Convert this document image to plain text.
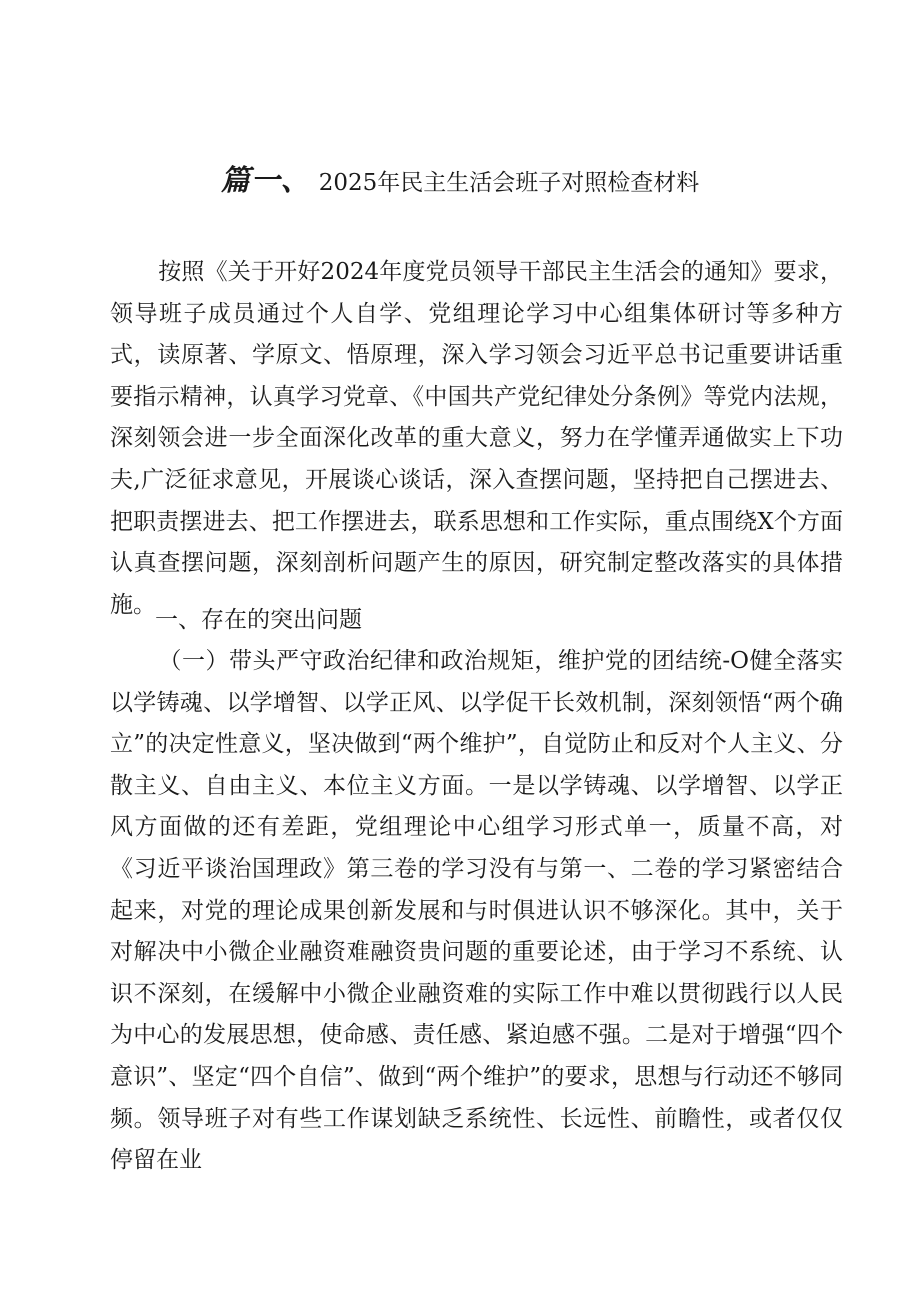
篇一、 2025年民主生活会班子对照检查材料
按照《关于开好2024年度党员领导干部民主生活会的通知》要求，领导班子成员通过个人自学、党组理论学习中心组集体研讨等多种方式，读原著、学原文、悟原理，深入学习领会习近平总书记重要讲话重要指示精神，认真学习党章、《中国共产党纪律处分条例》等党内法规，深刻领会进一步全面深化改革的重大意义，努力在学懂弄通做实上下功夫,广泛征求意见，开展谈心谈话，深入查摆问题，坚持把自己摆进去、把职责摆进去、把工作摆进去，联系思想和工作实际，重点围绕X个方面认真查摆问题，深刻剖析问题产生的原因，研究制定整改落实的具体措施。
一、存在的突出问题
（一）带头严守政治纪律和政治规矩，维护党的团结统-O健全落实以学铸魂、以学增智、以学正风、以学促干长效机制，深刻领悟“两个确立”的决定性意义，坚决做到“两个维护”，自觉防止和反对个人主义、分散主义、自由主义、本位主义方面。一是以学铸魂、以学增智、以学正风方面做的还有差距，党组理论中心组学习形式单一，质量不高，对《习近平谈治国理政》第三卷的学习没有与第一、二卷的学习紧密结合起来，对党的理论成果创新发展和与时俱进认识不够深化。其中，关于对解决中小微企业融资难融资贵问题的重要论述，由于学习不系统、认识不深刻，在缓解中小微企业融资难的实际工作中难以贯彻践行以人民为中心的发展思想，使命感、责任感、紧迫感不强。二是对于增强“四个意识”、坚定“四个自信”、做到“两个维护”的要求，思想与行动还不够同频。领导班子对有些工作谋划缺乏系统性、长远性、前瞻性，或者仅仅停留在业
